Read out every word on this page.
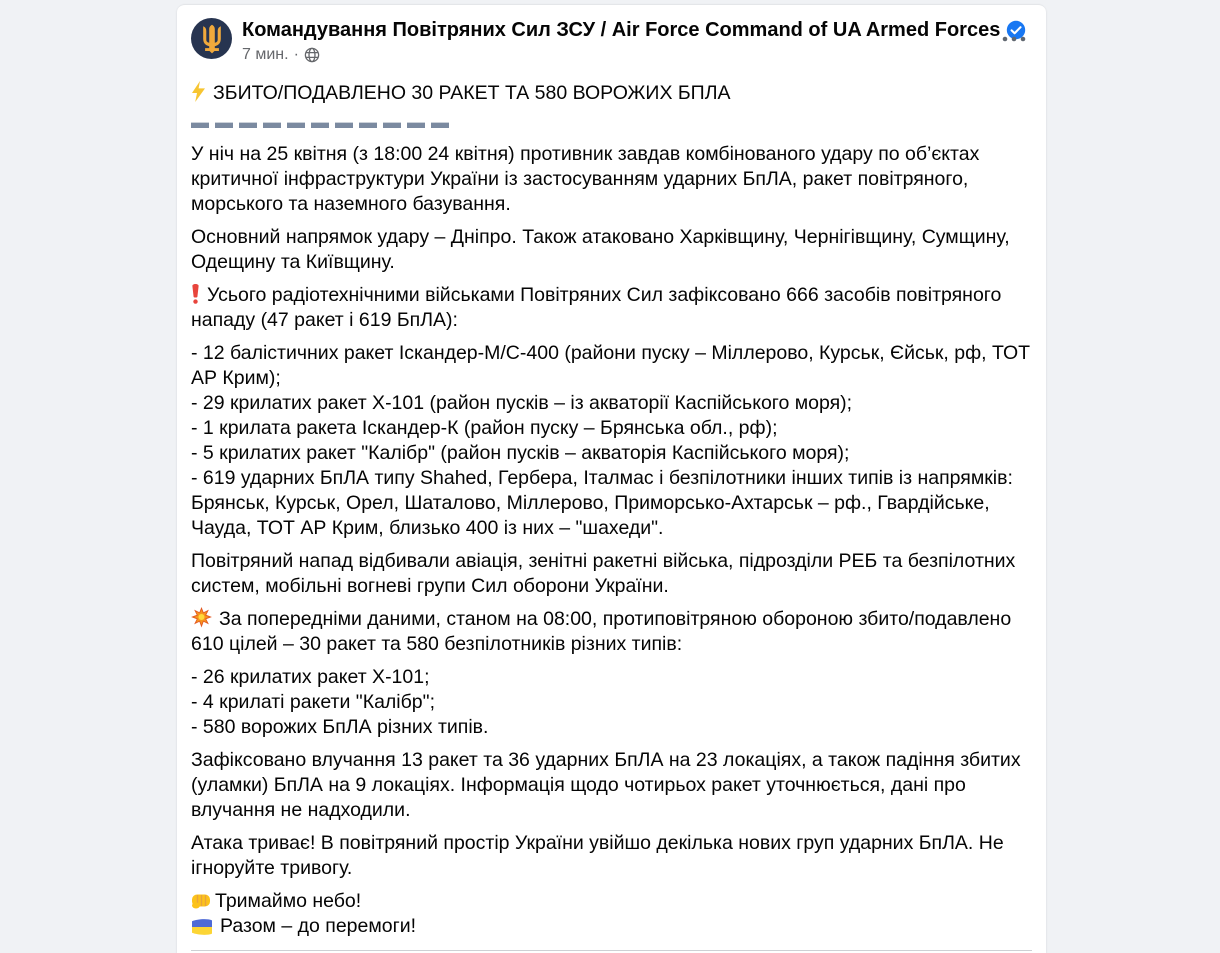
Командування Повітряних Сил ЗСУ / Air Force Command of UA Armed Forces
7 мин. ·
ЗБИТО/ПОДАВЛЕНО 30 РАКЕТ ТА 580 ВОРОЖИХ БПЛА
▬▬▬▬▬▬▬▬▬▬▬
У ніч на 25 квітня (з 18:00 24 квітня) противник завдав комбінованого удару по об’єктах критичної інфраструктури України із застосуванням ударних БпЛА, ракет повітряного, морського та наземного базування.
Основний напрямок удару – Дніпро. Також атаковано Харківщину, Чернігівщину, Сумщину, Одещину та Київщину.
Усього радіотехнічними військами Повітряних Сил зафіксовано 666 засобів повітряного нападу (47 ракет і 619 БпЛА):
- 12 балістичних ракет Іскандер-М/С-400 (райони пуску – Міллерово, Курськ, Єйськ, рф, ТОТ АР Крим);
- 29 крилатих ракет Х-101 (район пусків – із акваторії Каспійського моря);
- 1 крилата ракета Іскандер-К (район пуску – Брянська обл., рф);
- 5 крилатих ракет "Калібр" (район пусків – акваторія Каспійського моря);
- 619 ударних БпЛА типу Shahed, Гербера, Італмас і безпілотники інших типів із напрямків: Брянськ, Курськ, Орел, Шаталово, Міллерово, Приморсько-Ахтарськ – рф., Гвардійське, Чауда, ТОТ АР Крим, близько 400 із них – "шахеди".
Повітряний напад відбивали авіація, зенітні ракетні війська, підрозділи РЕБ та безпілотних систем, мобільні вогневі групи Сил оборони України.
За попередніми даними, станом на 08:00, протиповітряною обороною збито/подавлено 610 цілей – 30 ракет та 580 безпілотників різних типів:
- 26 крилатих ракет Х-101;
- 4 крилаті ракети "Калібр";
- 580 ворожих БпЛА різних типів.
Зафіксовано влучання 13 ракет та 36 ударних БпЛА на 23 локаціях, а також падіння збитих (уламки) БпЛА на 9 локаціях. Інформація щодо чотирьох ракет уточнюється, дані про влучання не надходили.
Атака триває! В повітряний простір України увійшо декілька нових груп ударних БпЛА. Не ігноруйте тривогу.
Тримаймо небо!
Разом – до перемоги!
